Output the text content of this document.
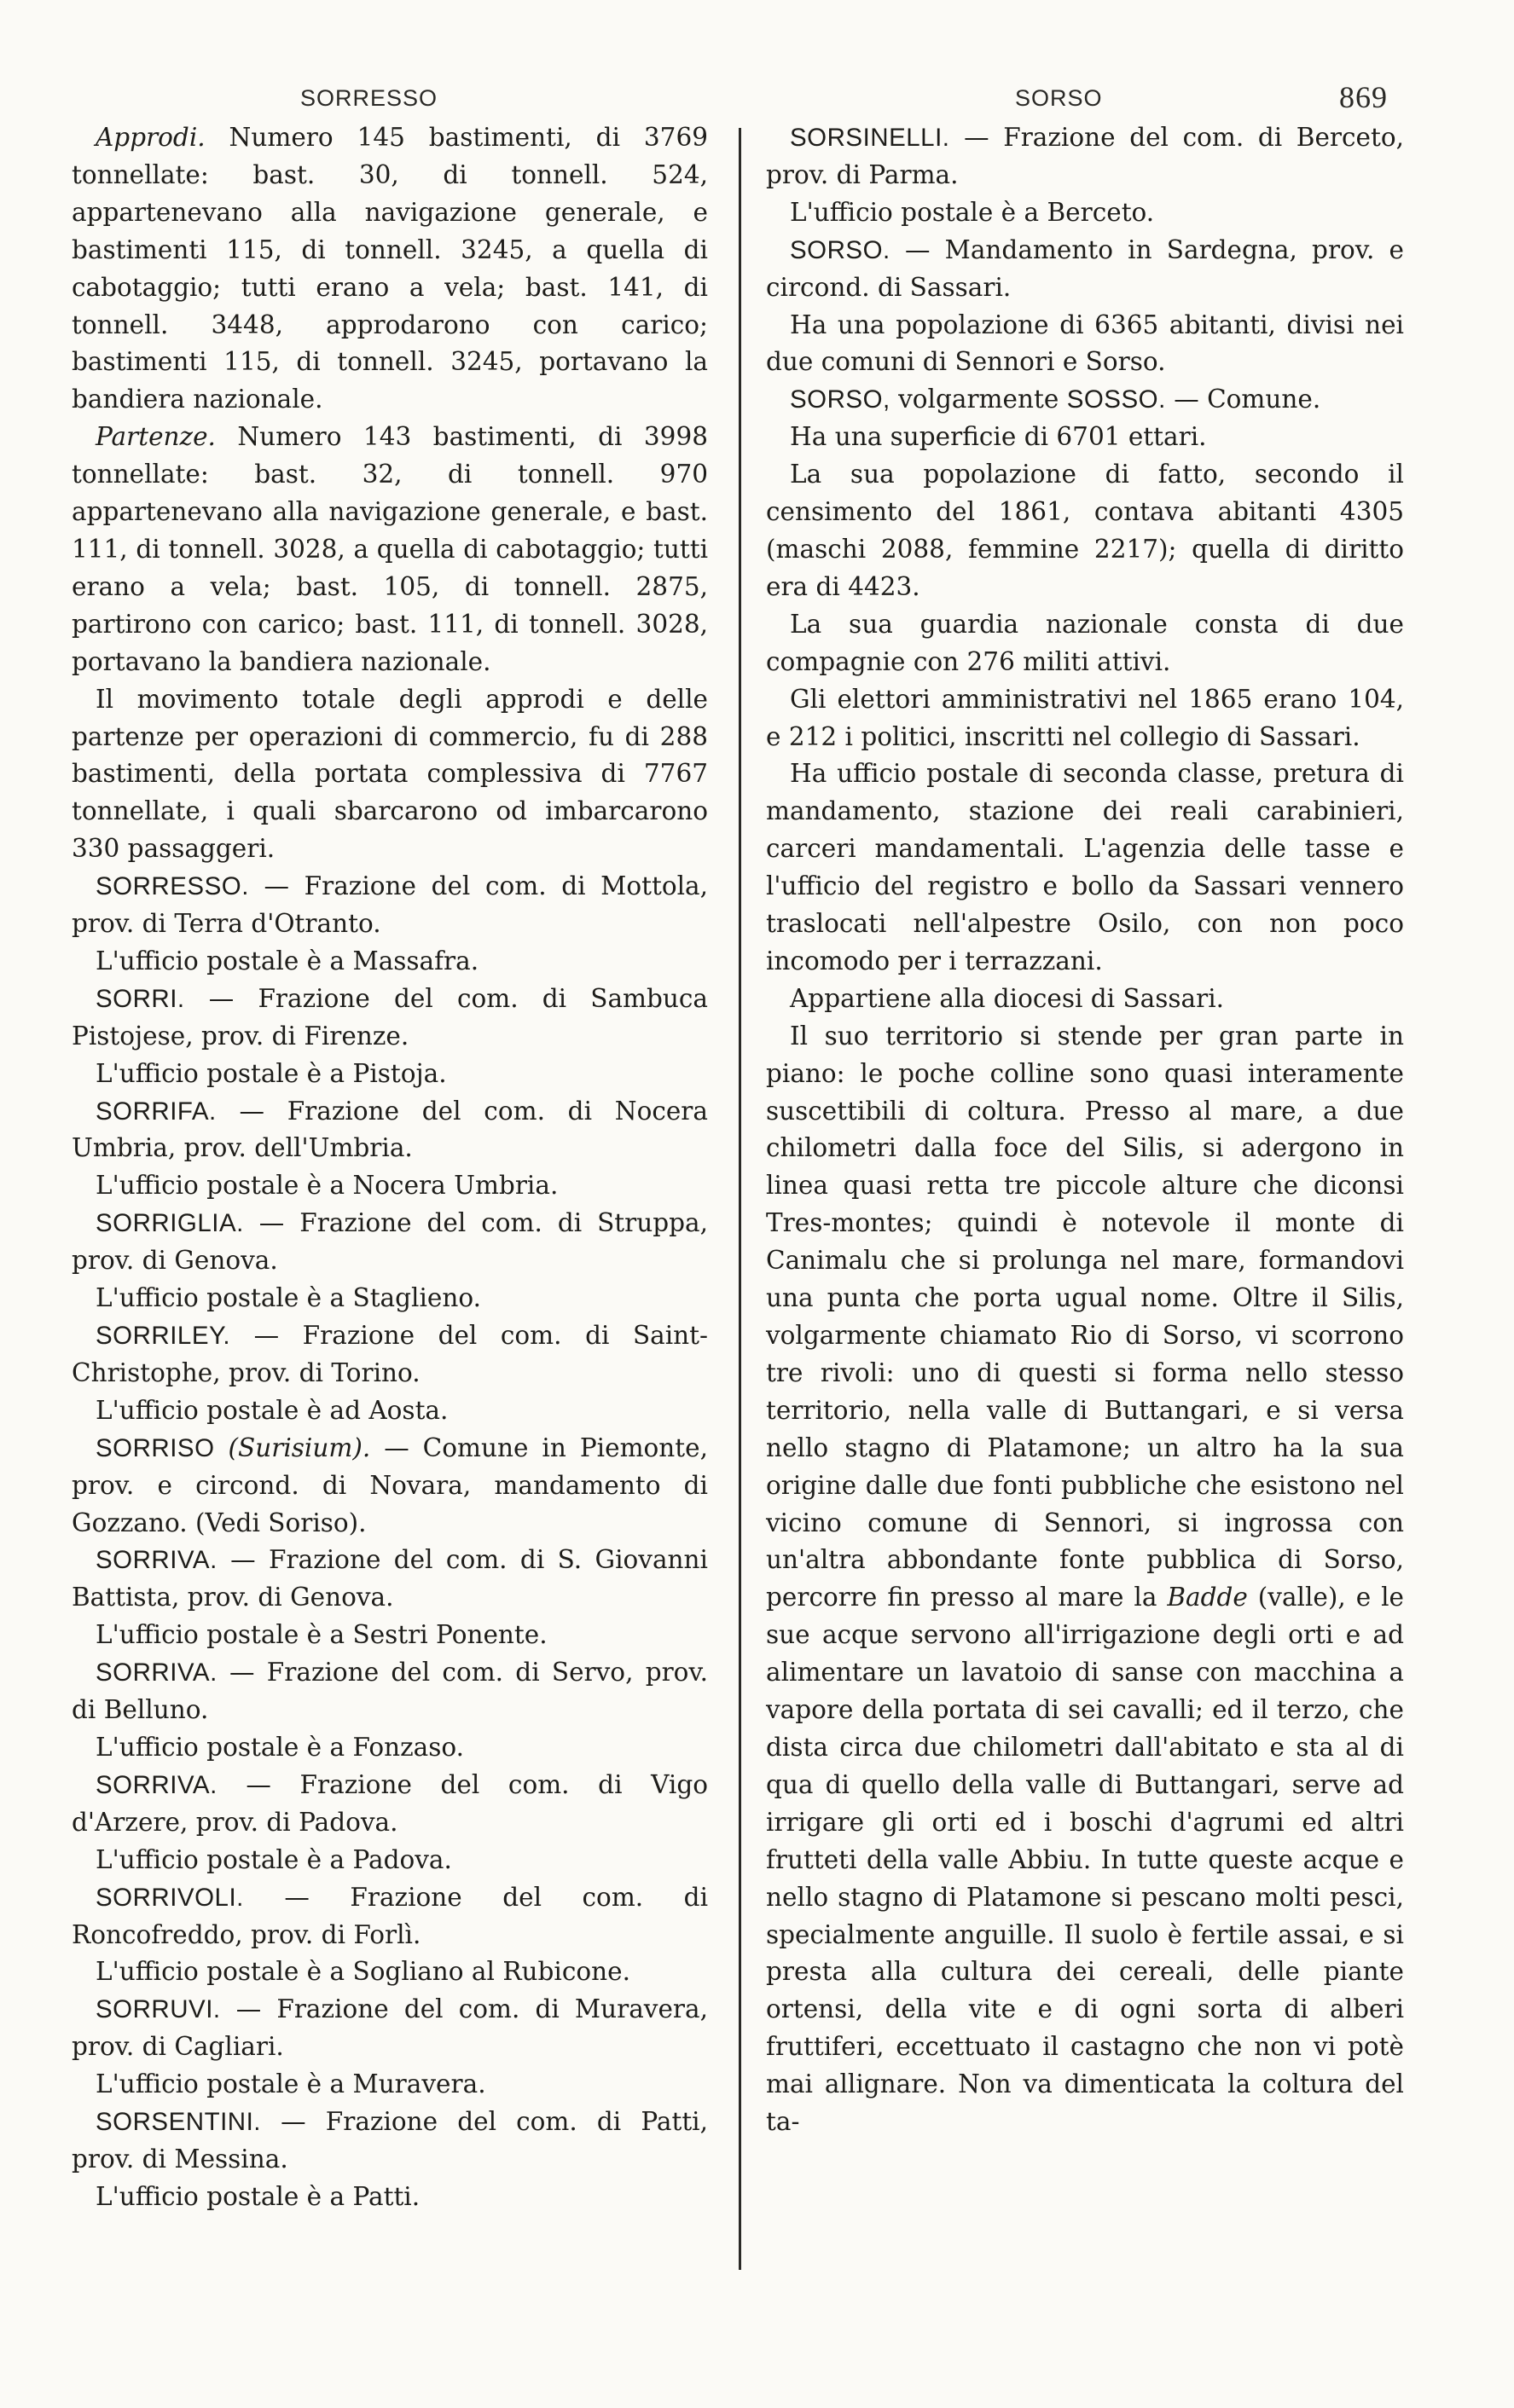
SORRESSO	SORSO	869

Approdi. Numero 145 bastimenti, di 3769 tonnellate: bast. 30, di tonnell. 524, appartenevano alla navigazione generale, e bastimenti 115, di tonnell. 3245, a quella di cabotaggio; tutti erano a vela; bast. 141, di tonnell. 3448, approdarono con carico; bastimenti 115, di tonnell. 3245, portavano la bandiera nazionale.

Partenze. Numero 143 bastimenti, di 3998 tonnellate: bast. 32, di tonnell. 970 appartenevano alla navigazione generale, e bast. 111, di tonnell. 3028, a quella di cabotaggio; tutti erano a vela; bast. 105, di tonnell. 2875, partirono con carico; bast. 111, di tonnell. 3028, portavano la bandiera nazionale.

Il movimento totale degli approdi e delle partenze per operazioni di commercio, fu di 288 bastimenti, della portata complessiva di 7767 tonnellate, i quali sbarcarono od imbarcarono 330 passaggeri.

SORRESSO. — Frazione del com. di Mottola, prov. di Terra d'Otranto.

L'ufficio postale è a Massafra.

SORRI. — Frazione del com. di Sambuca Pistojese, prov. di Firenze.

L'ufficio postale è a Pistoja.

SORRIFA. — Frazione del com. di Nocera Umbria, prov. dell'Umbria.

L'ufficio postale è a Nocera Umbria.

SORRIGLIA. — Frazione del com. di Struppa, prov. di Genova.

L'ufficio postale è a Staglieno.

SORRILEY. — Frazione del com. di Saint-Christophe, prov. di Torino.

L'ufficio postale è ad Aosta.

SORRISO (Surisium). — Comune in Piemonte, prov. e circond. di Novara, mandamento di Gozzano. (Vedi Soriso).

SORRIVA. — Frazione del com. di S. Giovanni Battista, prov. di Genova.

L'ufficio postale è a Sestri Ponente.

SORRIVA. — Frazione del com. di Servo, prov. di Belluno.

L'ufficio postale è a Fonzaso.

SORRIVA. — Frazione del com. di Vigo d'Arzere, prov. di Padova.

L'ufficio postale è a Padova.

SORRIVOLI. — Frazione del com. di Roncofreddo, prov. di Forlì.

L'ufficio postale è a Sogliano al Rubicone.

SORRUVI. — Frazione del com. di Muravera, prov. di Cagliari.

L'ufficio postale è a Muravera.

SORSENTINI. — Frazione del com. di Patti, prov. di Messina.

L'ufficio postale è a Patti.

SORSINELLI. — Frazione del com. di Berceto, prov. di Parma.

L'ufficio postale è a Berceto.

SORSO. — Mandamento in Sardegna, prov. e circond. di Sassari.

Ha una popolazione di 6365 abitanti, divisi nei due comuni di Sennori e Sorso.

SORSO, volgarmente SOSSO. — Comune.

Ha una superficie di 6701 ettari.

La sua popolazione di fatto, secondo il censimento del 1861, contava abitanti 4305 (maschi 2088, femmine 2217); quella di diritto era di 4423.

La sua guardia nazionale consta di due compagnie con 276 militi attivi.

Gli elettori amministrativi nel 1865 erano 104, e 212 i politici, inscritti nel collegio di Sassari.

Ha ufficio postale di seconda classe, pretura di mandamento, stazione dei reali carabinieri, carceri mandamentali. L'agenzia delle tasse e l'ufficio del registro e bollo da Sassari vennero traslocati nell'alpestre Osilo, con non poco incomodo per i terrazzani.

Appartiene alla diocesi di Sassari.

Il suo territorio si stende per gran parte in piano: le poche colline sono quasi interamente suscettibili di coltura. Presso al mare, a due chilometri dalla foce del Silis, si adergono in linea quasi retta tre piccole alture che diconsi Tres-montes; quindi è notevole il monte di Canimalu che si prolunga nel mare, formandovi una punta che porta ugual nome. Oltre il Silis, volgarmente chiamato Rio di Sorso, vi scorrono tre rivoli: uno di questi si forma nello stesso territorio, nella valle di Buttangari, e si versa nello stagno di Platamone; un altro ha la sua origine dalle due fonti pubbliche che esistono nel vicino comune di Sennori, si ingrossa con un'altra abbondante fonte pubblica di Sorso, percorre fin presso al mare la Badde (valle), e le sue acque servono all'irrigazione degli orti e ad alimentare un lavatoio di sanse con macchina a vapore della portata di sei cavalli; ed il terzo, che dista circa due chilometri dall'abitato e sta al di qua di quello della valle di Buttangari, serve ad irrigare gli orti ed i boschi d'agrumi ed altri frutteti della valle Abbiu. In tutte queste acque e nello stagno di Platamone si pescano molti pesci, specialmente anguille. Il suolo è fertile assai, e si presta alla cultura dei cereali, delle piante ortensi, della vite e di ogni sorta di alberi fruttiferi, eccettuato il castagno che non vi potè mai allignare. Non va dimenticata la coltura del ta-
